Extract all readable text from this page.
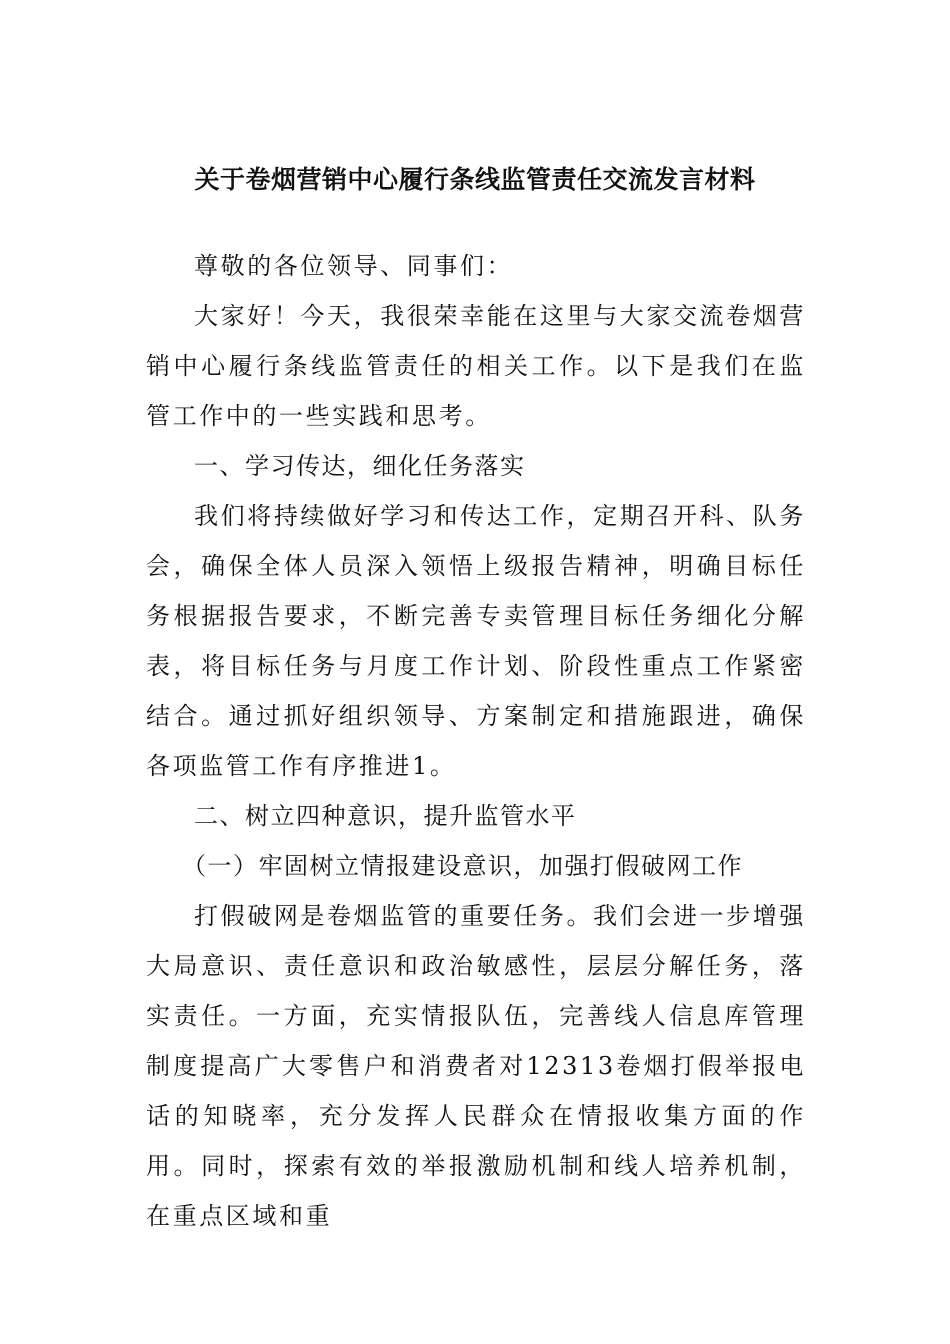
关于卷烟营销中心履行条线监管责任交流发言材料

尊敬的各位领导、同事们：

大家好！今天，我很荣幸能在这里与大家交流卷烟营销中心履行条线监管责任的相关工作。以下是我们在监管工作中的一些实践和思考。

一、学习传达，细化任务落实

我们将持续做好学习和传达工作，定期召开科、队务会，确保全体人员深入领悟上级报告精神，明确目标任务根据报告要求，不断完善专卖管理目标任务细化分解表，将目标任务与月度工作计划、阶段性重点工作紧密结合。通过抓好组织领导、方案制定和措施跟进，确保各项监管工作有序推进1。

二、树立四种意识，提升监管水平

（一）牢固树立情报建设意识，加强打假破网工作

打假破网是卷烟监管的重要任务。我们会进一步增强大局意识、责任意识和政治敏感性，层层分解任务，落实责任。一方面，充实情报队伍，完善线人信息库管理制度提高广大零售户和消费者对12313卷烟打假举报电话的知晓率，充分发挥人民群众在情报收集方面的作用。同时，探索有效的举报激励机制和线人培养机制，在重点区域和重
